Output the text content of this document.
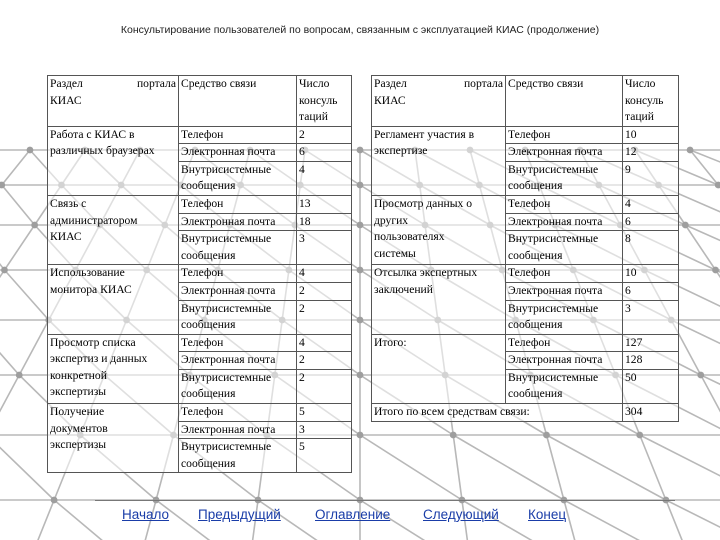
Консультирование пользователей по вопросам, связанным с эксплуатацией КИАС (продолжение)
Раздел портала
КИАС	Средство связи	Число
консуль
таций

Работа с КИАС в
различных браузерах	Телефон	2
	Электронная почта	6
	Внутрисистемные сообщения	4

Связь с
администратором
КИАС	Телефон	13
	Электронная почта	18
	Внутрисистемные сообщения	3

Использование
монитора КИАС	Телефон	4
	Электронная почта	2
	Внутрисистемные сообщения	2

Просмотр списка
экспертиз и данных
конкретной
экспертизы	Телефон	4
	Электронная почта	2
	Внутрисистемные сообщения	2

Получение
документов
экспертизы	Телефон	5
	Электронная почта	3
	Внутрисистемные сообщения	5
Раздел портала
КИАС	Средство связи	Число
консуль
таций

Регламент участия в
экспертизе	Телефон	10
	Электронная почта	12
	Внутрисистемные сообщения	9

Просмотр данных о
других
пользователях
системы	Телефон	4
	Электронная почта	6
	Внутрисистемные сообщения	8

Отсылка экспертных
заключений	Телефон	10
	Электронная почта	6
	Внутрисистемные сообщения	3

Итого:	Телефон	127
	Электронная почта	128
	Внутрисистемные сообщения	50
Итого по всем средствам связи:		304
Начало Предыдущий	Оглавление Следующий Конец
